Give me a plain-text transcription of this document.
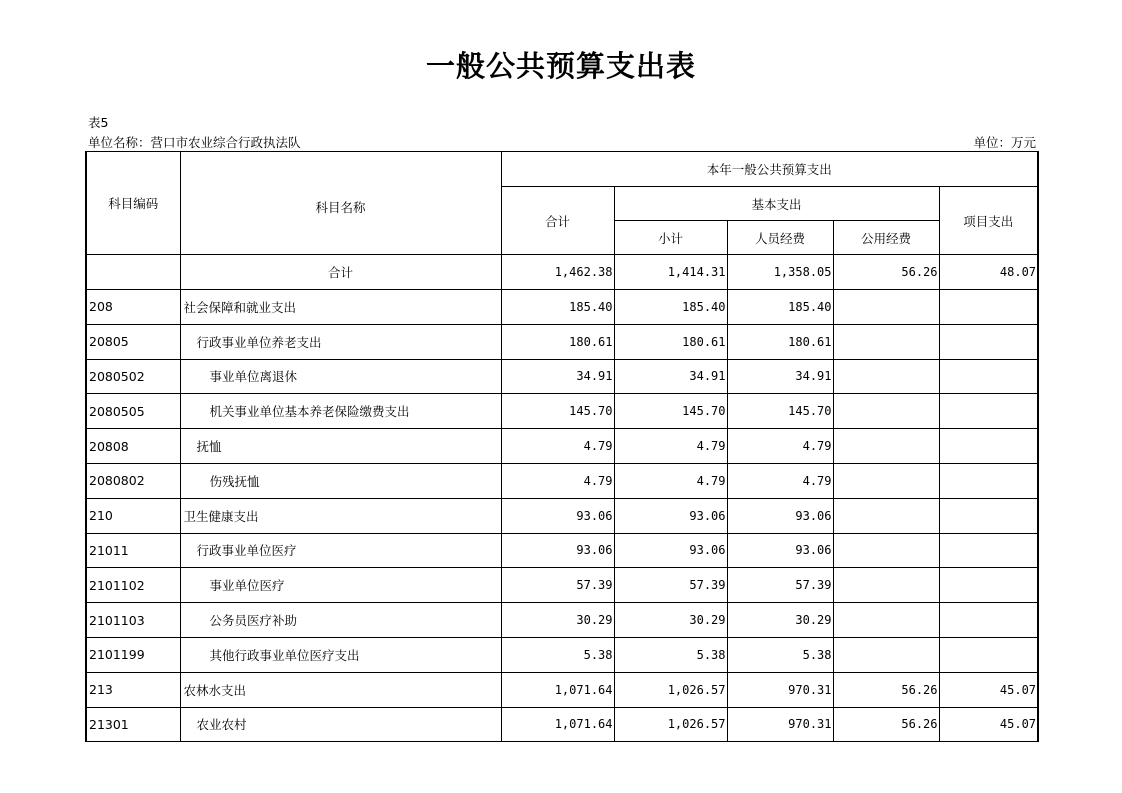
一般公共预算支出表
表5
单位名称：营口市农业综合行政执法队	单位：万元
科目编码	科目名称	本年一般公共预算支出				
		合计	基本支出			项目支出
			小计	人员经费	公用经费	
	合计	1,462.38	1,414.31	1,358.05	56.26	48.07
208	社会保障和就业支出	185.40	185.40	185.40		
20805	行政事业单位养老支出	180.61	180.61	180.61		
2080502	事业单位离退休	34.91	34.91	34.91		
2080505	机关事业单位基本养老保险缴费支出	145.70	145.70	145.70		
20808	抚恤	4.79	4.79	4.79		
2080802	伤残抚恤	4.79	4.79	4.79		
210	卫生健康支出	93.06	93.06	93.06		
21011	行政事业单位医疗	93.06	93.06	93.06		
2101102	事业单位医疗	57.39	57.39	57.39		
2101103	公务员医疗补助	30.29	30.29	30.29		
2101199	其他行政事业单位医疗支出	5.38	5.38	5.38		
213	农林水支出	1,071.64	1,026.57	970.31	56.26	45.07
21301	农业农村	1,071.64	1,026.57	970.31	56.26	45.07
